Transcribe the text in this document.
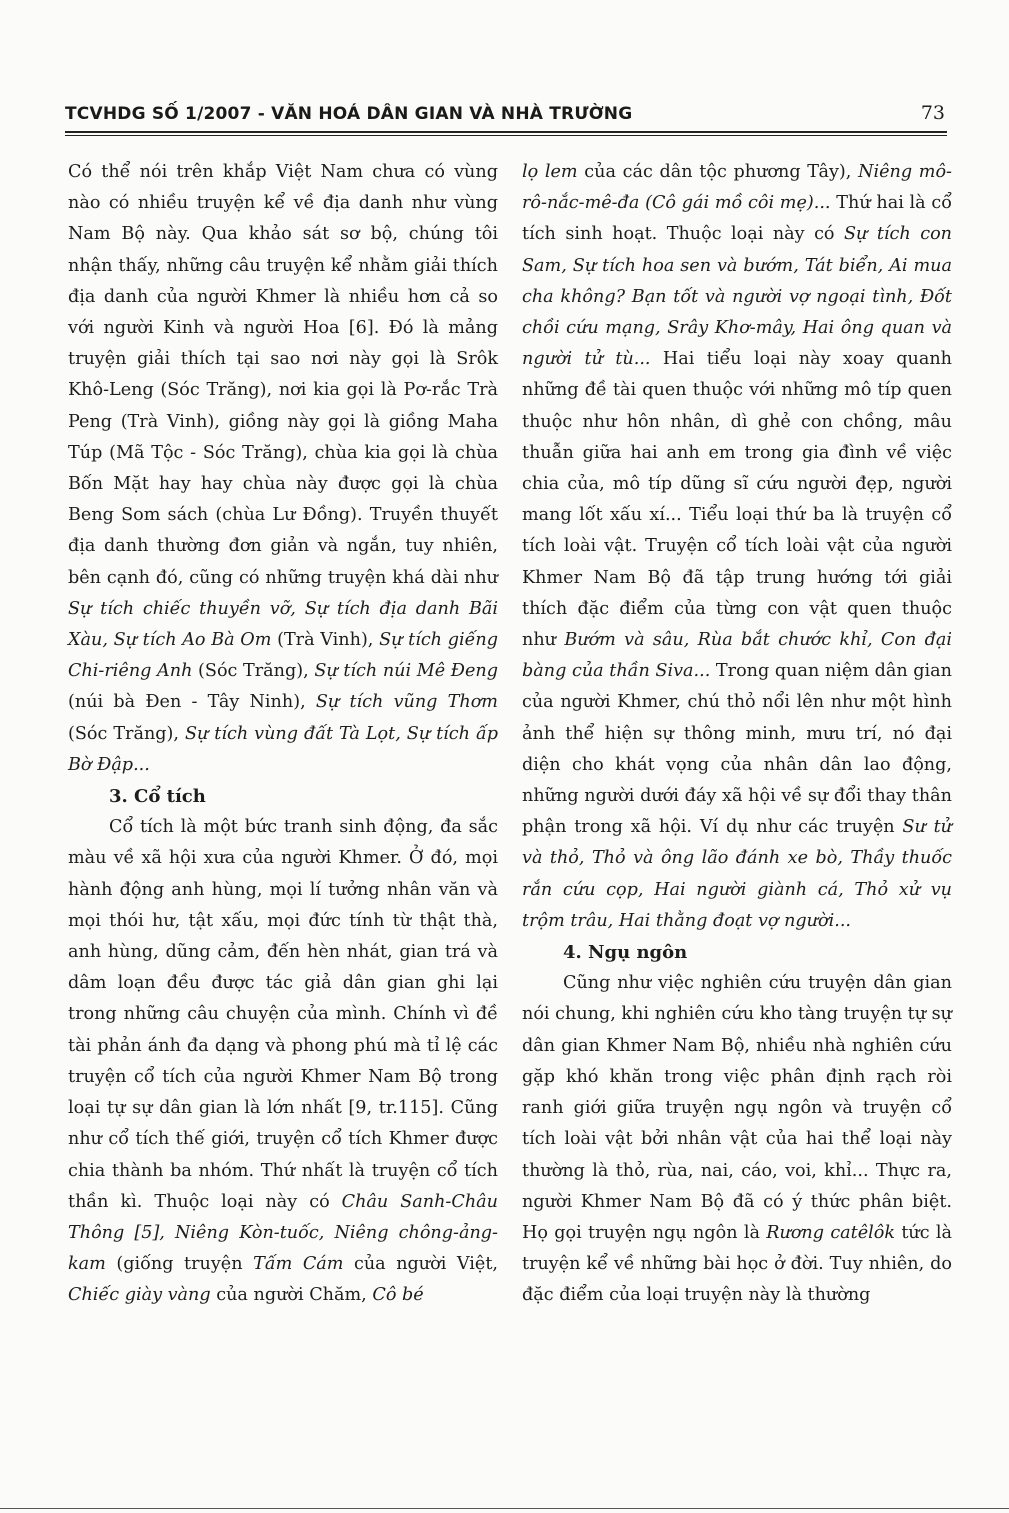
TCVHDG SỐ 1/2007 - VĂN HOÁ DÂN GIAN VÀ NHÀ TRƯỜNG	73

Có thể nói trên khắp Việt Nam chưa có vùng nào có nhiều truyện kể về địa danh như vùng Nam Bộ này. Qua khảo sát sơ bộ, chúng tôi nhận thấy, những câu truyện kể nhằm giải thích địa danh của người Khmer là nhiều hơn cả so với người Kinh và người Hoa [6]. Đó là mảng truyện giải thích tại sao nơi này gọi là Srôk Khô-Leng (Sóc Trăng), nơi kia gọi là Pơ-rắc Trà Peng (Trà Vinh), giồng này gọi là giồng Maha Túp (Mã Tộc - Sóc Trăng), chùa kia gọi là chùa Bốn Mặt hay hay chùa này được gọi là chùa Beng Som sách (chùa Lư Đồng). Truyền thuyết địa danh thường đơn giản và ngắn, tuy nhiên, bên cạnh đó, cũng có những truyện khá dài như Sự tích chiếc thuyền vỡ, Sự tích địa danh Bãi Xàu, Sự tích Ao Bà Om (Trà Vinh), Sự tích giếng Chi-riêng Anh (Sóc Trăng), Sự tích núi Mê Đeng (núi bà Đen - Tây Ninh), Sự tích vũng Thơm (Sóc Trăng), Sự tích vùng đất Tà Lọt, Sự tích ấp Bờ Đập...

3. Cổ tích

Cổ tích là một bức tranh sinh động, đa sắc màu về xã hội xưa của người Khmer. Ở đó, mọi hành động anh hùng, mọi lí tưởng nhân văn và mọi thói hư, tật xấu, mọi đức tính từ thật thà, anh hùng, dũng cảm, đến hèn nhát, gian trá và dâm loạn đều được tác giả dân gian ghi lại trong những câu chuyện của mình. Chính vì đề tài phản ánh đa dạng và phong phú mà tỉ lệ các truyện cổ tích của người Khmer Nam Bộ trong loại tự sự dân gian là lớn nhất [9, tr.115]. Cũng như cổ tích thế giới, truyện cổ tích Khmer được chia thành ba nhóm. Thứ nhất là truyện cổ tích thần kì. Thuộc loại này có Châu Sanh-Châu Thông [5], Niêng Kòn-tuốc, Niêng chông-ảng-kam (giống truyện Tấm Cám của người Việt, Chiếc giày vàng của người Chăm, Cô bé

lọ lem của các dân tộc phương Tây), Niêng mô-rô-nắc-mê-đa (Cô gái mồ côi mẹ)... Thứ hai là cổ tích sinh hoạt. Thuộc loại này có Sự tích con Sam, Sự tích hoa sen và bướm, Tát biển, Ai mua cha không? Bạn tốt và người vợ ngoại tình, Đốt chồi cứu mạng, Srây Khơ-mây, Hai ông quan và người tử tù... Hai tiểu loại này xoay quanh những đề tài quen thuộc với những mô típ quen thuộc như hôn nhân, dì ghẻ con chồng, mâu thuẫn giữa hai anh em trong gia đình về việc chia của, mô típ dũng sĩ cứu người đẹp, người mang lốt xấu xí... Tiểu loại thứ ba là truyện cổ tích loài vật. Truyện cổ tích loài vật của người Khmer Nam Bộ đã tập trung hướng tới giải thích đặc điểm của từng con vật quen thuộc như Bướm và sâu, Rùa bắt chước khỉ, Con đại bàng của thần Siva... Trong quan niệm dân gian của người Khmer, chú thỏ nổi lên như một hình ảnh thể hiện sự thông minh, mưu trí, nó đại diện cho khát vọng của nhân dân lao động, những người dưới đáy xã hội về sự đổi thay thân phận trong xã hội. Ví dụ như các truyện Sư tử và thỏ, Thỏ và ông lão đánh xe bò, Thầy thuốc rắn cứu cọp, Hai người giành cá, Thỏ xử vụ trộm trâu, Hai thằng đoạt vợ người...

4. Ngụ ngôn

Cũng như việc nghiên cứu truyện dân gian nói chung, khi nghiên cứu kho tàng truyện tự sự dân gian Khmer Nam Bộ, nhiều nhà nghiên cứu gặp khó khăn trong việc phân định rạch ròi ranh giới giữa truyện ngụ ngôn và truyện cổ tích loài vật bởi nhân vật của hai thể loại này thường là thỏ, rùa, nai, cáo, voi, khỉ... Thực ra, người Khmer Nam Bộ đã có ý thức phân biệt. Họ gọi truyện ngụ ngôn là Rương catêlôk tức là truyện kể về những bài học ở đời. Tuy nhiên, do đặc điểm của loại truyện này là thường
